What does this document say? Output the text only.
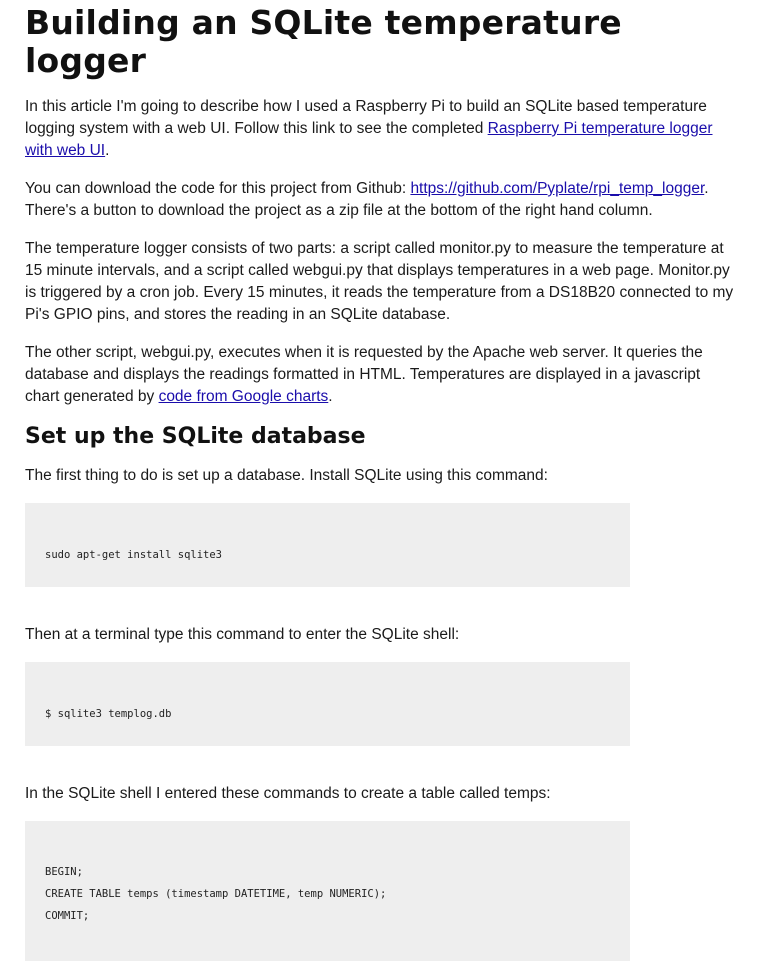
Building an SQLite temperature logger

In this article I'm going to describe how I used a Raspberry Pi to build an SQLite based temperature logging system with a web UI. Follow this link to see the completed Raspberry Pi temperature logger with web UI.

You can download the code for this project from Github: https://github.com/Pyplate/rpi_temp_logger. There's a button to download the project as a zip file at the bottom of the right hand column.

The temperature logger consists of two parts: a script called monitor.py to measure the temperature at 15 minute intervals, and a script called webgui.py that displays temperatures in a web page. Monitor.py is triggered by a cron job. Every 15 minutes, it reads the temperature from a DS18B20 connected to my Pi's GPIO pins, and stores the reading in an SQLite database.

The other script, webgui.py, executes when it is requested by the Apache web server. It queries the database and displays the readings formatted in HTML. Temperatures are displayed in a javascript chart generated by code from Google charts.

Set up the SQLite database

The first thing to do is set up a database. Install SQLite using this command:

sudo apt-get install sqlite3

Then at a terminal type this command to enter the SQLite shell:

$ sqlite3 templog.db

In the SQLite shell I entered these commands to create a table called temps:

BEGIN;
CREATE TABLE temps (timestamp DATETIME, temp NUMERIC);
COMMIT;
